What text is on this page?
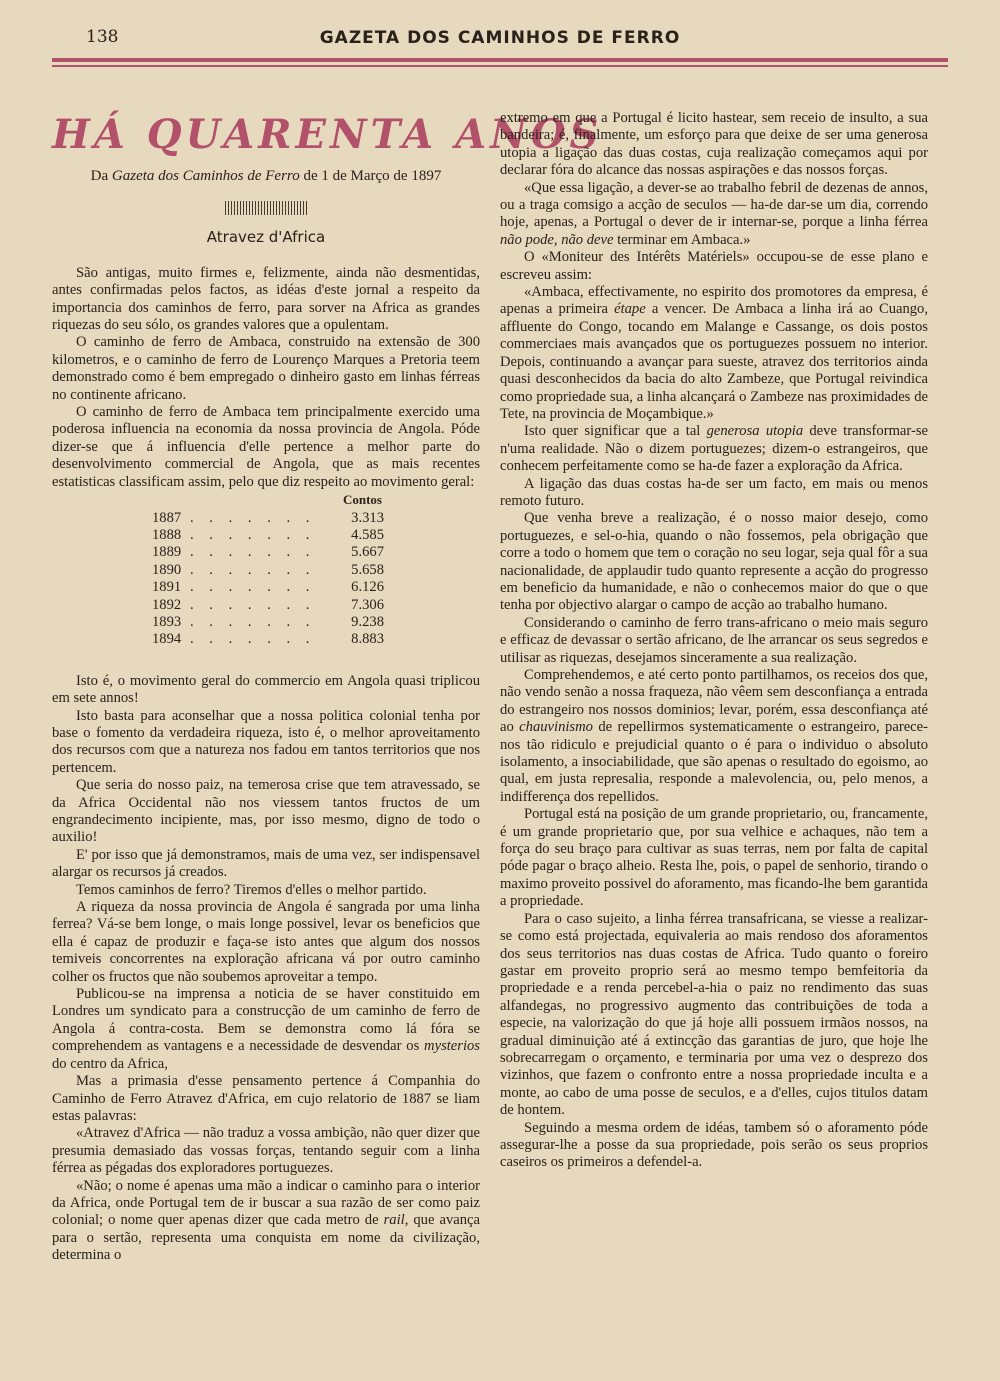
138	GAZETA DOS CAMINHOS DE FERRO
HÁ QUARENTA ANOS
Da Gazeta dos Caminhos de Ferro de 1 de Março de 1897
Atravez d'Africa

São antigas, muito firmes e, felizmente, ainda não desmentidas, antes confirmadas pelos factos, as idéas d'este jornal a respeito da importancia dos caminhos de ferro, para sorver na Africa as grandes riquezas do seu sólo, os grandes valores que a opulentam.

O caminho de ferro de Ambaca, construido na extensão de 300 kilometros, e o caminho de ferro de Lourenço Marques a Pretoria teem demonstrado como é bem empregado o dinheiro gasto em linhas férreas no continente africano.

O caminho de ferro de Ambaca tem principalmente exercido uma poderosa influencia na economia da nossa provincia de Angola. Póde dizer-se que á influencia d'elle pertence a melhor parte do desenvolvimento commercial de Angola, que as mais recentes estatisticas classificam assim, pelo que diz respeito ao movimento geral:

Contos
1887	. . . . . . .	3.313
1888	. . . . . . .	4.585
1889	. . . . . . .	5.667
1890	. . . . . . .	5.658
1891	. . . . . . .	6.126
1892	. . . . . . .	7.306
1893	. . . . . . .	9.238
1894	. . . . . . .	8.883

Isto é, o movimento geral do commercio em Angola quasi triplicou em sete annos!

Isto basta para aconselhar que a nossa politica colonial tenha por base o fomento da verdadeira riqueza, isto é, o melhor aproveitamento dos recursos com que a natureza nos fadou em tantos territorios que nos pertencem.

Que seria do nosso paiz, na temerosa crise que tem atravessado, se da Africa Occidental não nos viessem tantos fructos de um engrandecimento incipiente, mas, por isso mesmo, digno de todo o auxilio!

E' por isso que já demonstramos, mais de uma vez, ser indispensavel alargar os recursos já creados.

Temos caminhos de ferro? Tiremos d'elles o melhor partido.

A riqueza da nossa provincia de Angola é sangrada por uma linha ferrea? Vá-se bem longe, o mais longe possivel, levar os beneficios que ella é capaz de produzir e faça-se isto antes que algum dos nossos temiveis concorrentes na exploração africana vá por outro caminho colher os fructos que não soubemos aproveitar a tempo.

Publicou-se na imprensa a noticia de se haver constituido em Londres um syndicato para a construcção de um caminho de ferro de Angola á contra-costa. Bem se demonstra como lá fóra se comprehendem as vantagens e a necessidade de desvendar os mysterios do centro da Africa,

Mas a primasia d'esse pensamento pertence á Companhia do Caminho de Ferro Atravez d'Africa, em cujo relatorio de 1887 se liam estas palavras:

«Atravez d'Africa — não traduz a vossa ambição, não quer dizer que presumia demasiado das vossas forças, tentando seguir com a linha férrea as pégadas dos exploradores portuguezes.

«Não; o nome é apenas uma mão a indicar o caminho para o interior da Africa, onde Portugal tem de ir buscar a sua razão de ser como paiz colonial; o nome quer apenas dizer que cada metro de rail, que avança para o sertão, representa uma conquista em nome da civilização, determina o

extremo em que a Portugal é licito hastear, sem receio de insulto, a sua bandeira; é, finalmente, um esforço para que deixe de ser uma generosa utopia a ligação das duas costas, cuja realização começamos aqui por declarar fóra do alcance das nossas aspirações e das nossos forças.

«Que essa ligação, a dever-se ao trabalho febril de dezenas de annos, ou a traga comsigo a acção de seculos — ha-de dar-se um dia, correndo hoje, apenas, a Portugal o dever de ir internar-se, porque a linha férrea não pode, não deve terminar em Ambaca.»

O «Moniteur des Intérêts Matériels» occupou-se de esse plano e escreveu assim:

«Ambaca, effectivamente, no espirito dos promotores da empresa, é apenas a primeira étape a vencer. De Ambaca a linha irá ao Cuango, affluente do Congo, tocando em Malange e Cassange, os dois postos commerciaes mais avançados que os portuguezes possuem no interior. Depois, continuando a avançar para sueste, atravez dos territorios ainda quasi desconhecidos da bacia do alto Zambeze, que Portugal reivindica como propriedade sua, a linha alcançará o Zambeze nas proximidades de Tete, na provincia de Moçambique.»

Isto quer significar que a tal generosa utopia deve transformar-se n'uma realidade. Não o dizem portuguezes; dizem-o estrangeiros, que conhecem perfeitamente como se ha-de fazer a exploração da Africa.

A ligação das duas costas ha-de ser um facto, em mais ou menos remoto futuro.

Que venha breve a realização, é o nosso maior desejo, como portuguezes, e sel-o-hia, quando o não fossemos, pela obrigação que corre a todo o homem que tem o coração no seu logar, seja qual fôr a sua nacionalidade, de applaudir tudo quanto represente a acção do progresso em beneficio da humanidade, e não o conhecemos maior do que o que tenha por objectivo alargar o campo de acção ao trabalho humano.

Considerando o caminho de ferro trans-africano o meio mais seguro e efficaz de devassar o sertão africano, de lhe arrancar os seus segredos e utilisar as riquezas, desejamos sinceramente a sua realização.

Comprehendemos, e até certo ponto partilhamos, os receios dos que, não vendo senão a nossa fraqueza, não vêem sem desconfiança a entrada do estrangeiro nos nossos dominios; levar, porém, essa desconfiança até ao chauvinismo de repellirmos systematicamente o estrangeiro, parece-nos tão ridiculo e prejudicial quanto o é para o individuo o absoluto isolamento, a insociabilidade, que são apenas o resultado do egoismo, ao qual, em justa represalia, responde a malevolencia, ou, pelo menos, a indifferença dos repellidos.

Portugal está na posição de um grande proprietario, ou, francamente, é um grande proprietario que, por sua velhice e achaques, não tem a força do seu braço para cultivar as suas terras, nem por falta de capital póde pagar o braço alheio. Resta lhe, pois, o papel de senhorio, tirando o maximo proveito possivel do aforamento, mas ficando-lhe bem garantida a propriedade.

Para o caso sujeito, a linha férrea transafricana, se viesse a realizar-se como está projectada, equivaleria ao mais rendoso dos aforamentos dos seus territorios nas duas costas de Africa. Tudo quanto o foreiro gastar em proveito proprio será ao mesmo tempo bemfeitoria da propriedade e a renda percebel-a-hia o paiz no rendimento das suas alfandegas, no progressivo augmento das contribuições de toda a especie, na valorização do que já hoje alli possuem irmãos nossos, na gradual diminuição até á extincção das garantias de juro, que hoje lhe sobrecarregam o orçamento, e terminaria por uma vez o desprezo dos vizinhos, que fazem o confronto entre a nossa propriedade inculta e a monte, ao cabo de uma posse de seculos, e a d'elles, cujos titulos datam de hontem.

Seguindo a mesma ordem de idéas, tambem só o aforamento póde assegurar-lhe a posse da sua propriedade, pois serão os seus proprios caseiros os primeiros a defendel-a.
